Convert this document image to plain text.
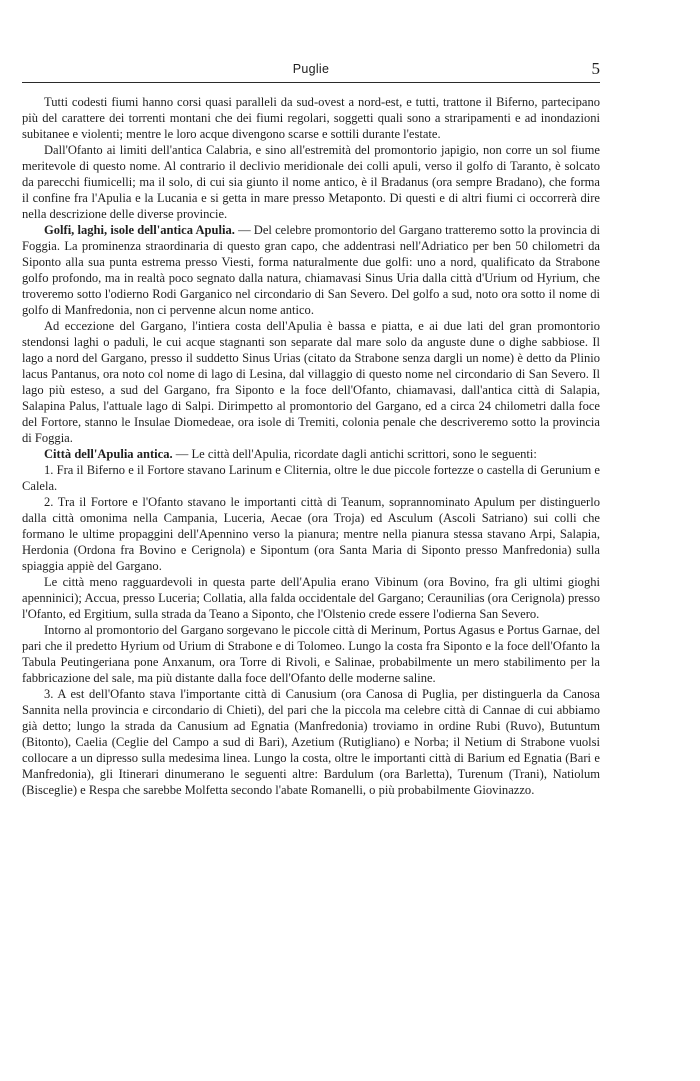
Puglie	5

Tutti codesti fiumi hanno corsi quasi paralleli da sud-ovest a nord-est, e tutti, trattone il Biferno, partecipano più del carattere dei torrenti montani che dei fiumi regolari, soggetti quali sono a straripamenti e ad inondazioni subitanee e violenti; mentre le loro acque divengono scarse e sottili durante l'estate.

Dall'Ofanto ai limiti dell'antica Calabria, e sino all'estremità del promontorio japigio, non corre un sol fiume meritevole di questo nome. Al contrario il declivio meridionale dei colli apuli, verso il golfo di Taranto, è solcato da parecchi fiumicelli; ma il solo, di cui sia giunto il nome antico, è il Bradanus (ora sempre Bradano), che forma il confine fra l'Apulia e la Lucania e si getta in mare presso Metaponto. Di questi e di altri fiumi ci occorrerà dire nella descrizione delle diverse provincie.

Golfi, laghi, isole dell'antica Apulia. — Del celebre promontorio del Gargano tratteremo sotto la provincia di Foggia. La prominenza straordinaria di questo gran capo, che addentrasi nell'Adriatico per ben 50 chilometri da Siponto alla sua punta estrema presso Viesti, forma naturalmente due golfi: uno a nord, qualificato da Strabone golfo profondo, ma in realtà poco segnato dalla natura, chiamavasi Sinus Uria dalla città d'Urium od Hyrium, che troveremo sotto l'odierno Rodi Garganico nel circondario di San Severo. Del golfo a sud, noto ora sotto il nome di golfo di Manfredonia, non ci pervenne alcun nome antico.

Ad eccezione del Gargano, l'intiera costa dell'Apulia è bassa e piatta, e ai due lati del gran promontorio stendonsi laghi o paduli, le cui acque stagnanti son separate dal mare solo da anguste dune o dighe sabbiose. Il lago a nord del Gargano, presso il suddetto Sinus Urias (citato da Strabone senza dargli un nome) è detto da Plinio lacus Pantanus, ora noto col nome di lago di Lesina, dal villaggio di questo nome nel circondario di San Severo. Il lago più esteso, a sud del Gargano, fra Siponto e la foce dell'Ofanto, chiamavasi, dall'antica città di Salapia, Salapina Palus, l'attuale lago di Salpi. Dirimpetto al promontorio del Gargano, ed a circa 24 chilometri dalla foce del Fortore, stanno le Insulae Diomedeae, ora isole di Tremiti, colonia penale che descriveremo sotto la provincia di Foggia.

Città dell'Apulia antica. — Le città dell'Apulia, ricordate dagli antichi scrittori, sono le seguenti:

1. Fra il Biferno e il Fortore stavano Larinum e Cliternia, oltre le due piccole fortezze o castella di Gerunium e Calela.

2. Tra il Fortore e l'Ofanto stavano le importanti città di Teanum, soprannominato Apulum per distinguerlo dalla città omonima nella Campania, Luceria, Aecae (ora Troja) ed Asculum (Ascoli Satriano) sui colli che formano le ultime propaggini dell'Apennino verso la pianura; mentre nella pianura stessa stavano Arpi, Salapia, Herdonia (Ordona fra Bovino e Cerignola) e Sipontum (ora Santa Maria di Siponto presso Manfredonia) sulla spiaggia appiè del Gargano.

Le città meno ragguardevoli in questa parte dell'Apulia erano Vibinum (ora Bovino, fra gli ultimi gioghi apenninici); Accua, presso Luceria; Collatia, alla falda occidentale del Gargano; Ceraunilias (ora Cerignola) presso l'Ofanto, ed Ergitium, sulla strada da Teano a Siponto, che l'Olstenio crede essere l'odierna San Severo.

Intorno al promontorio del Gargano sorgevano le piccole città di Merinum, Portus Agasus e Portus Garnae, del pari che il predetto Hyrium od Urium di Strabone e di Tolomeo. Lungo la costa fra Siponto e la foce dell'Ofanto la Tabula Peutingeriana pone Anxanum, ora Torre di Rivoli, e Salinae, probabilmente un mero stabilimento per la fabbricazione del sale, ma più distante dalla foce dell'Ofanto delle moderne saline.

3. A est dell'Ofanto stava l'importante città di Canusium (ora Canosa di Puglia, per distinguerla da Canosa Sannita nella provincia e circondario di Chieti), del pari che la piccola ma celebre città di Cannae di cui abbiamo già detto; lungo la strada da Canusium ad Egnatia (Manfredonia) troviamo in ordine Rubi (Ruvo), Butuntum (Bitonto), Caelia (Ceglie del Campo a sud di Bari), Azetium (Rutigliano) e Norba; il Netium di Strabone vuolsi collocare a un dipresso sulla medesima linea. Lungo la costa, oltre le importanti città di Barium ed Egnatia (Bari e Manfredonia), gli Itinerari dinumerano le seguenti altre: Bardulum (ora Barletta), Turenum (Trani), Natiolum (Bisceglie) e Respa che sarebbe Molfetta secondo l'abate Romanelli, o più probabilmente Giovinazzo.
